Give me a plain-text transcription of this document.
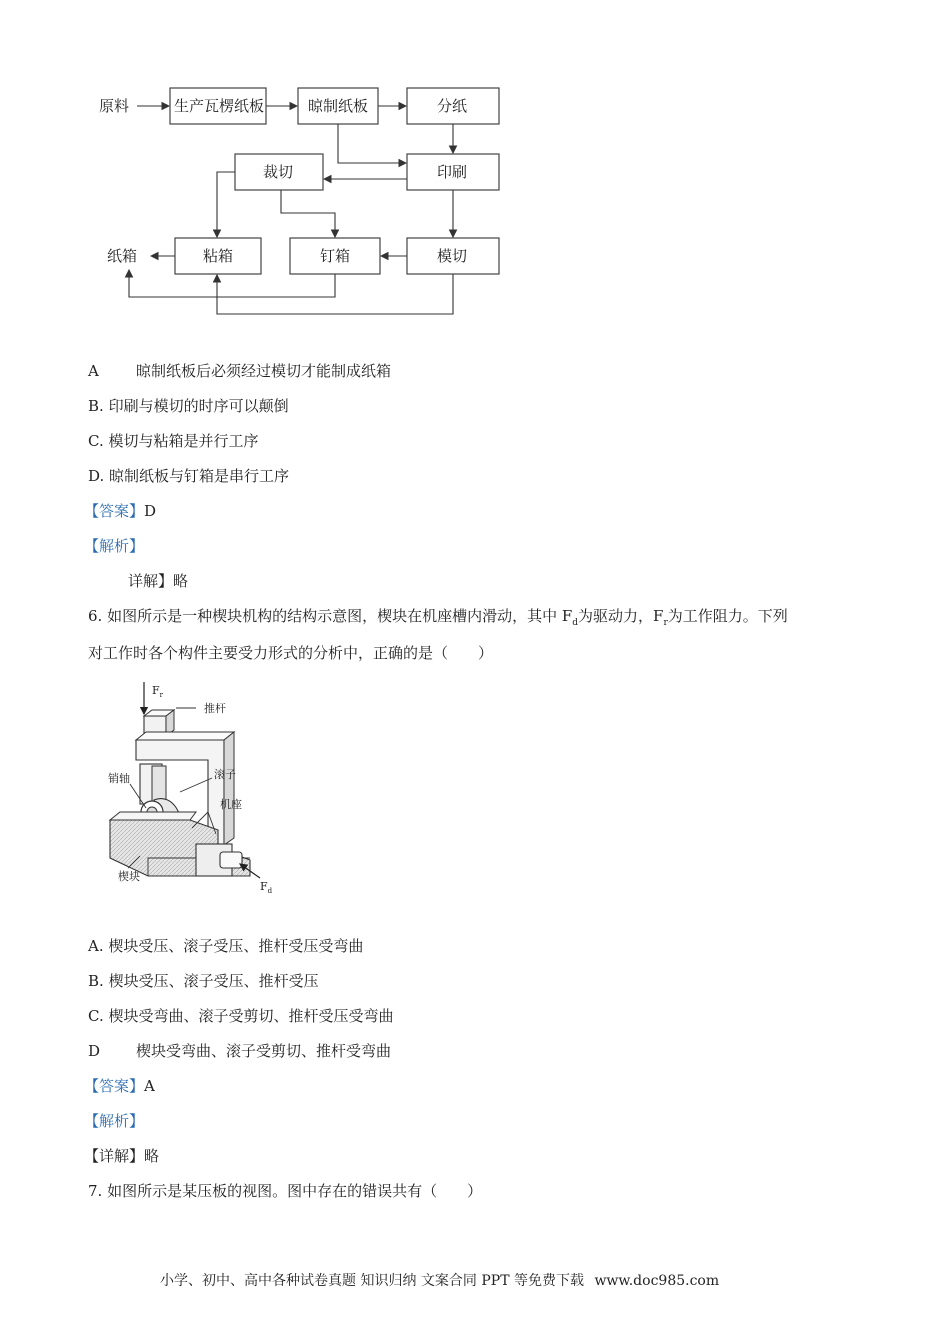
原料	生产瓦楞纸板	晾制纸板	分纸
裁切	印刷
纸箱	粘箱	钉箱	模切
A 晾制纸板后必须经过模切才能制成纸箱
B. 印刷与模切的时序可以颠倒
C. 模切与粘箱是并行工序
D. 晾制纸板与钉箱是串行工序
【答案】D
【解析】
详解】略
6. 如图所示是一种楔块机构的结构示意图，楔块在机座槽内滑动，其中 $F_d$为驱动力，$F_r$为工作阻力。下列
对工作时各个构件主要受力形式的分析中，正确的是（　　）
$F_r$
$F_d$
推杆
滚子
销轴
机座
楔块
A. 楔块受压、滚子受压、推杆受压受弯曲
B. 楔块受压、滚子受压、推杆受压
C. 楔块受弯曲、滚子受剪切、推杆受压受弯曲
D 楔块受弯曲、滚子受剪切、推杆受弯曲
【答案】A
【解析】
【详解】略
7. 如图所示是某压板的视图。图中存在的错误共有（　　）
小学、初中、高中各种试卷真题 知识归纳 文案合同 PPT 等免费下载 www.doc985.com
